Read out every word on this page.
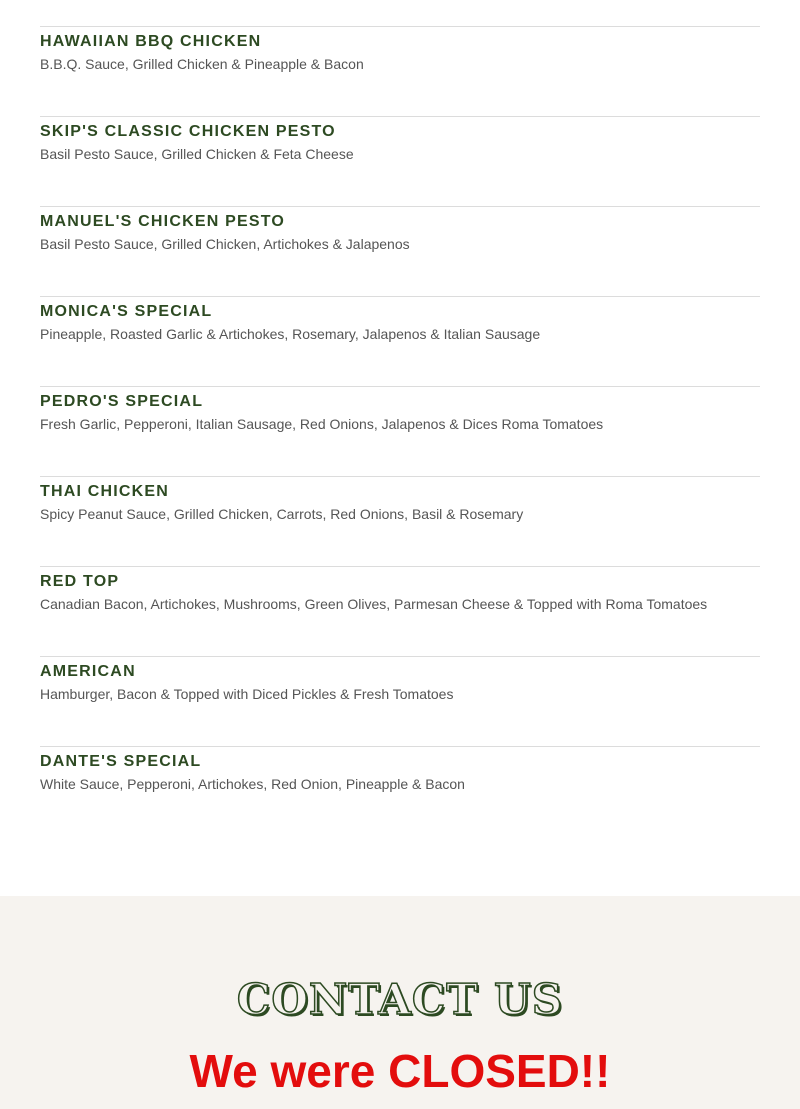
HAWAIIAN BBQ CHICKEN

B.B.Q. Sauce, Grilled Chicken & Pineapple & Bacon

SKIP'S CLASSIC CHICKEN PESTO

Basil Pesto Sauce, Grilled Chicken & Feta Cheese

MANUEL'S CHICKEN PESTO

Basil Pesto Sauce, Grilled Chicken, Artichokes & Jalapenos

MONICA'S SPECIAL

Pineapple, Roasted Garlic & Artichokes, Rosemary, Jalapenos & Italian Sausage

PEDRO'S SPECIAL

Fresh Garlic, Pepperoni, Italian Sausage, Red Onions, Jalapenos & Dices Roma Tomatoes

THAI CHICKEN

Spicy Peanut Sauce, Grilled Chicken, Carrots, Red Onions, Basil & Rosemary

RED TOP

Canadian Bacon, Artichokes, Mushrooms, Green Olives, Parmesan Cheese & Topped with Roma Tomatoes

AMERICAN

Hamburger, Bacon & Topped with Diced Pickles & Fresh Tomatoes

DANTE'S SPECIAL

White Sauce, Pepperoni, Artichokes, Red Onion, Pineapple & Bacon

CONTACT US

We were CLOSED!!
